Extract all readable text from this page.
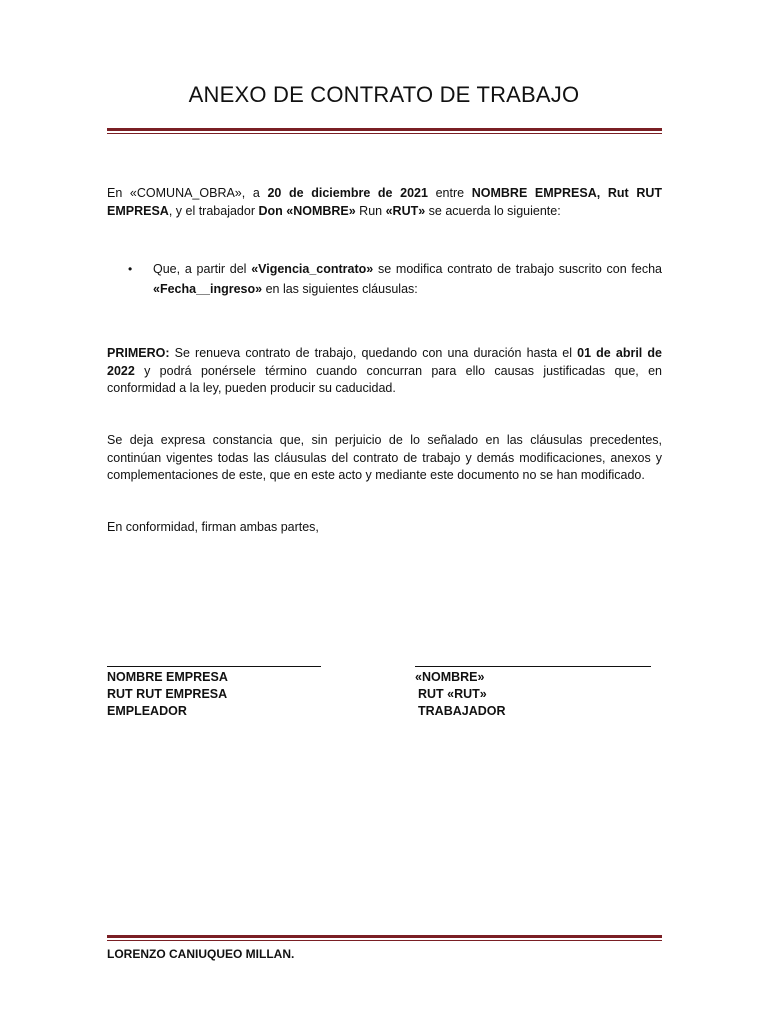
ANEXO DE CONTRATO DE TRABAJO
En «COMUNA_OBRA», a 20 de diciembre de 2021 entre NOMBRE EMPRESA, Rut RUT EMPRESA, y el trabajador Don «NOMBRE» Run «RUT» se acuerda lo siguiente:
• Que, a partir del «Vigencia_contrato» se modifica contrato de trabajo suscrito con fecha «Fecha__ingreso» en las siguientes cláusulas:
PRIMERO: Se renueva contrato de trabajo, quedando con una duración hasta el 01 de abril de 2022 y podrá ponérsele término cuando concurran para ello causas justificadas que, en conformidad a la ley, pueden producir su caducidad.
Se deja expresa constancia que, sin perjuicio de lo señalado en las cláusulas precedentes, continúan vigentes todas las cláusulas del contrato de trabajo y demás modificaciones, anexos y complementaciones de este, que en este acto y mediante este documento no se han modificado.
En conformidad, firman ambas partes,
NOMBRE EMPRESA
RUT RUT EMPRESA
EMPLEADOR
«NOMBRE»
RUT «RUT»
TRABAJADOR
LORENZO CANIUQUEO MILLAN.
